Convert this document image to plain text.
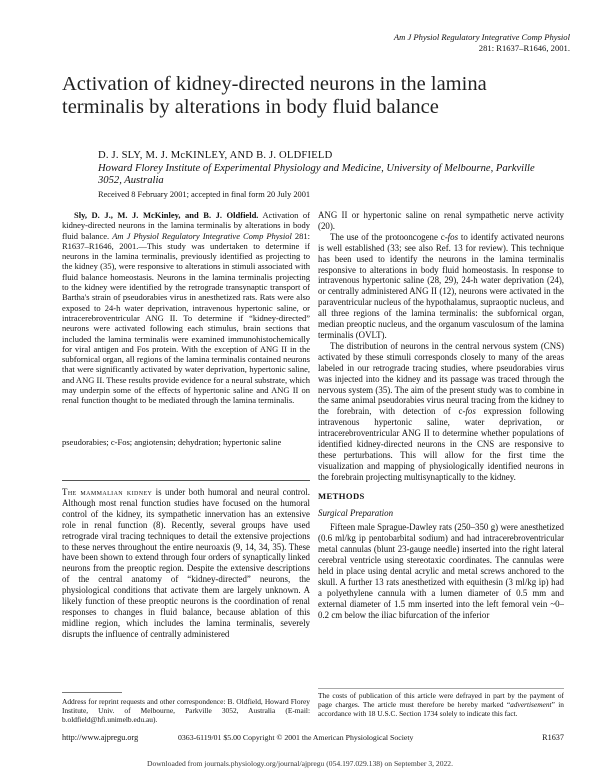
Am J Physiol Regulatory Integrative Comp Physiol
281: R1637–R1646, 2001.
Activation of kidney-directed neurons in the lamina terminalis by alterations in body fluid balance
D. J. SLY, M. J. McKINLEY, AND B. J. OLDFIELD
Howard Florey Institute of Experimental Physiology and Medicine, University of Melbourne, Parkville 3052, Australia
Received 8 February 2001; accepted in final form 20 July 2001

Sly, D. J., M. J. McKinley, and B. J. Oldfield. Activation of kidney-directed neurons in the lamina terminalis by alterations in body fluid balance. Am J Physiol Regulatory Integrative Comp Physiol 281: R1637–R1646, 2001.—This study was undertaken to determine if neurons in the lamina terminalis, previously identified as projecting to the kidney (35), were responsive to alterations in stimuli associated with fluid balance homeostasis. Neurons in the lamina terminalis projecting to the kidney were identified by the retrograde transynaptic transport of Bartha's strain of pseudorabies virus in anesthetized rats. Rats were also exposed to 24-h water deprivation, intravenous hypertonic saline, or intracerebroventricular ANG II. To determine if “kidney-directed” neurons were activated following each stimulus, brain sections that included the lamina terminalis were examined immunohistochemically for viral antigen and Fos protein. With the exception of ANG II in the subfornical organ, all regions of the lamina terminalis contained neurons that were significantly activated by water deprivation, hypertonic saline, and ANG II. These results provide evidence for a neural substrate, which may underpin some of the effects of hypertonic saline and ANG II on renal function thought to be mediated through the lamina terminalis.

pseudorabies; c-Fos; angiotensin; dehydration; hypertonic saline

The mammalian kidney is under both humoral and neural control. Although most renal function studies have focused on the humoral control of the kidney, its sympathetic innervation has an extensive role in renal function (8). Recently, several groups have used retrograde viral tracing techniques to detail the extensive projections to these nerves throughout the entire neuroaxis (9, 14, 34, 35). These have been shown to extend through four orders of synaptically linked neurons from the preoptic region. Despite the extensive descriptions of the central anatomy of “kidney-directed” neurons, the physiological conditions that activate them are largely unknown. A likely function of these preoptic neurons is the coordination of renal responses to changes in fluid balance, because ablation of this midline region, which includes the lamina terminalis, severely disrupts the influence of centrally administered

ANG II or hypertonic saline on renal sympathetic nerve activity (20).

The use of the protooncogene c-fos to identify activated neurons is well established (33; see also Ref. 13 for review). This technique has been used to identify the neurons in the lamina terminalis responsive to alterations in body fluid homeostasis. In response to intravenous hypertonic saline (28, 29), 24-h water deprivation (24), or centrally administered ANG II (12), neurons were activated in the paraventricular nucleus of the hypothalamus, supraoptic nucleus, and all three regions of the lamina terminalis: the subfornical organ, median preoptic nucleus, and the organum vasculosum of the lamina terminalis (OVLT).

The distribution of neurons in the central nervous system (CNS) activated by these stimuli corresponds closely to many of the areas labeled in our retrograde tracing studies, where pseudorabies virus was injected into the kidney and its passage was traced through the nervous system (35). The aim of the present study was to combine in the same animal pseudorabies virus neural tracing from the kidney to the forebrain, with detection of c-fos expression following intravenous hypertonic saline, water deprivation, or intracerebroventricular ANG II to determine whether populations of identified kidney-directed neurons in the CNS are responsive to these perturbations. This will allow for the first time the visualization and mapping of physiologically identified neurons in the forebrain projecting multisynaptically to the kidney.

METHODS

Surgical Preparation

Fifteen male Sprague-Dawley rats (250–350 g) were anesthetized (0.6 ml/kg ip pentobarbital sodium) and had intracerebroventricular metal cannulas (blunt 23-gauge needle) inserted into the right lateral cerebral ventricle using stereotaxic coordinates. The cannulas were held in place using dental acrylic and metal screws anchored to the skull. A further 13 rats anesthetized with equithesin (3 ml/kg ip) had a polyethylene cannula with a lumen diameter of 0.5 mm and external diameter of 1.5 mm inserted into the left femoral vein ~0–0.2 cm below the iliac bifurcation of the inferior

Address for reprint requests and other correspondence: B. Oldfield, Howard Florey Institute, Univ. of Melbourne, Parkville 3052, Australia (E-mail: b.oldfield@hfi.unimelb.edu.au).
The costs of publication of this article were defrayed in part by the payment of page charges. The article must therefore be hereby marked “advertisement” in accordance with 18 U.S.C. Section 1734 solely to indicate this fact.
http://www.ajpregu.org	0363-6119/01 $5.00 Copyright © 2001 the American Physiological Society	R1637
Downloaded from journals.physiology.org/journal/ajpregu (054.197.029.138) on September 3, 2022.
